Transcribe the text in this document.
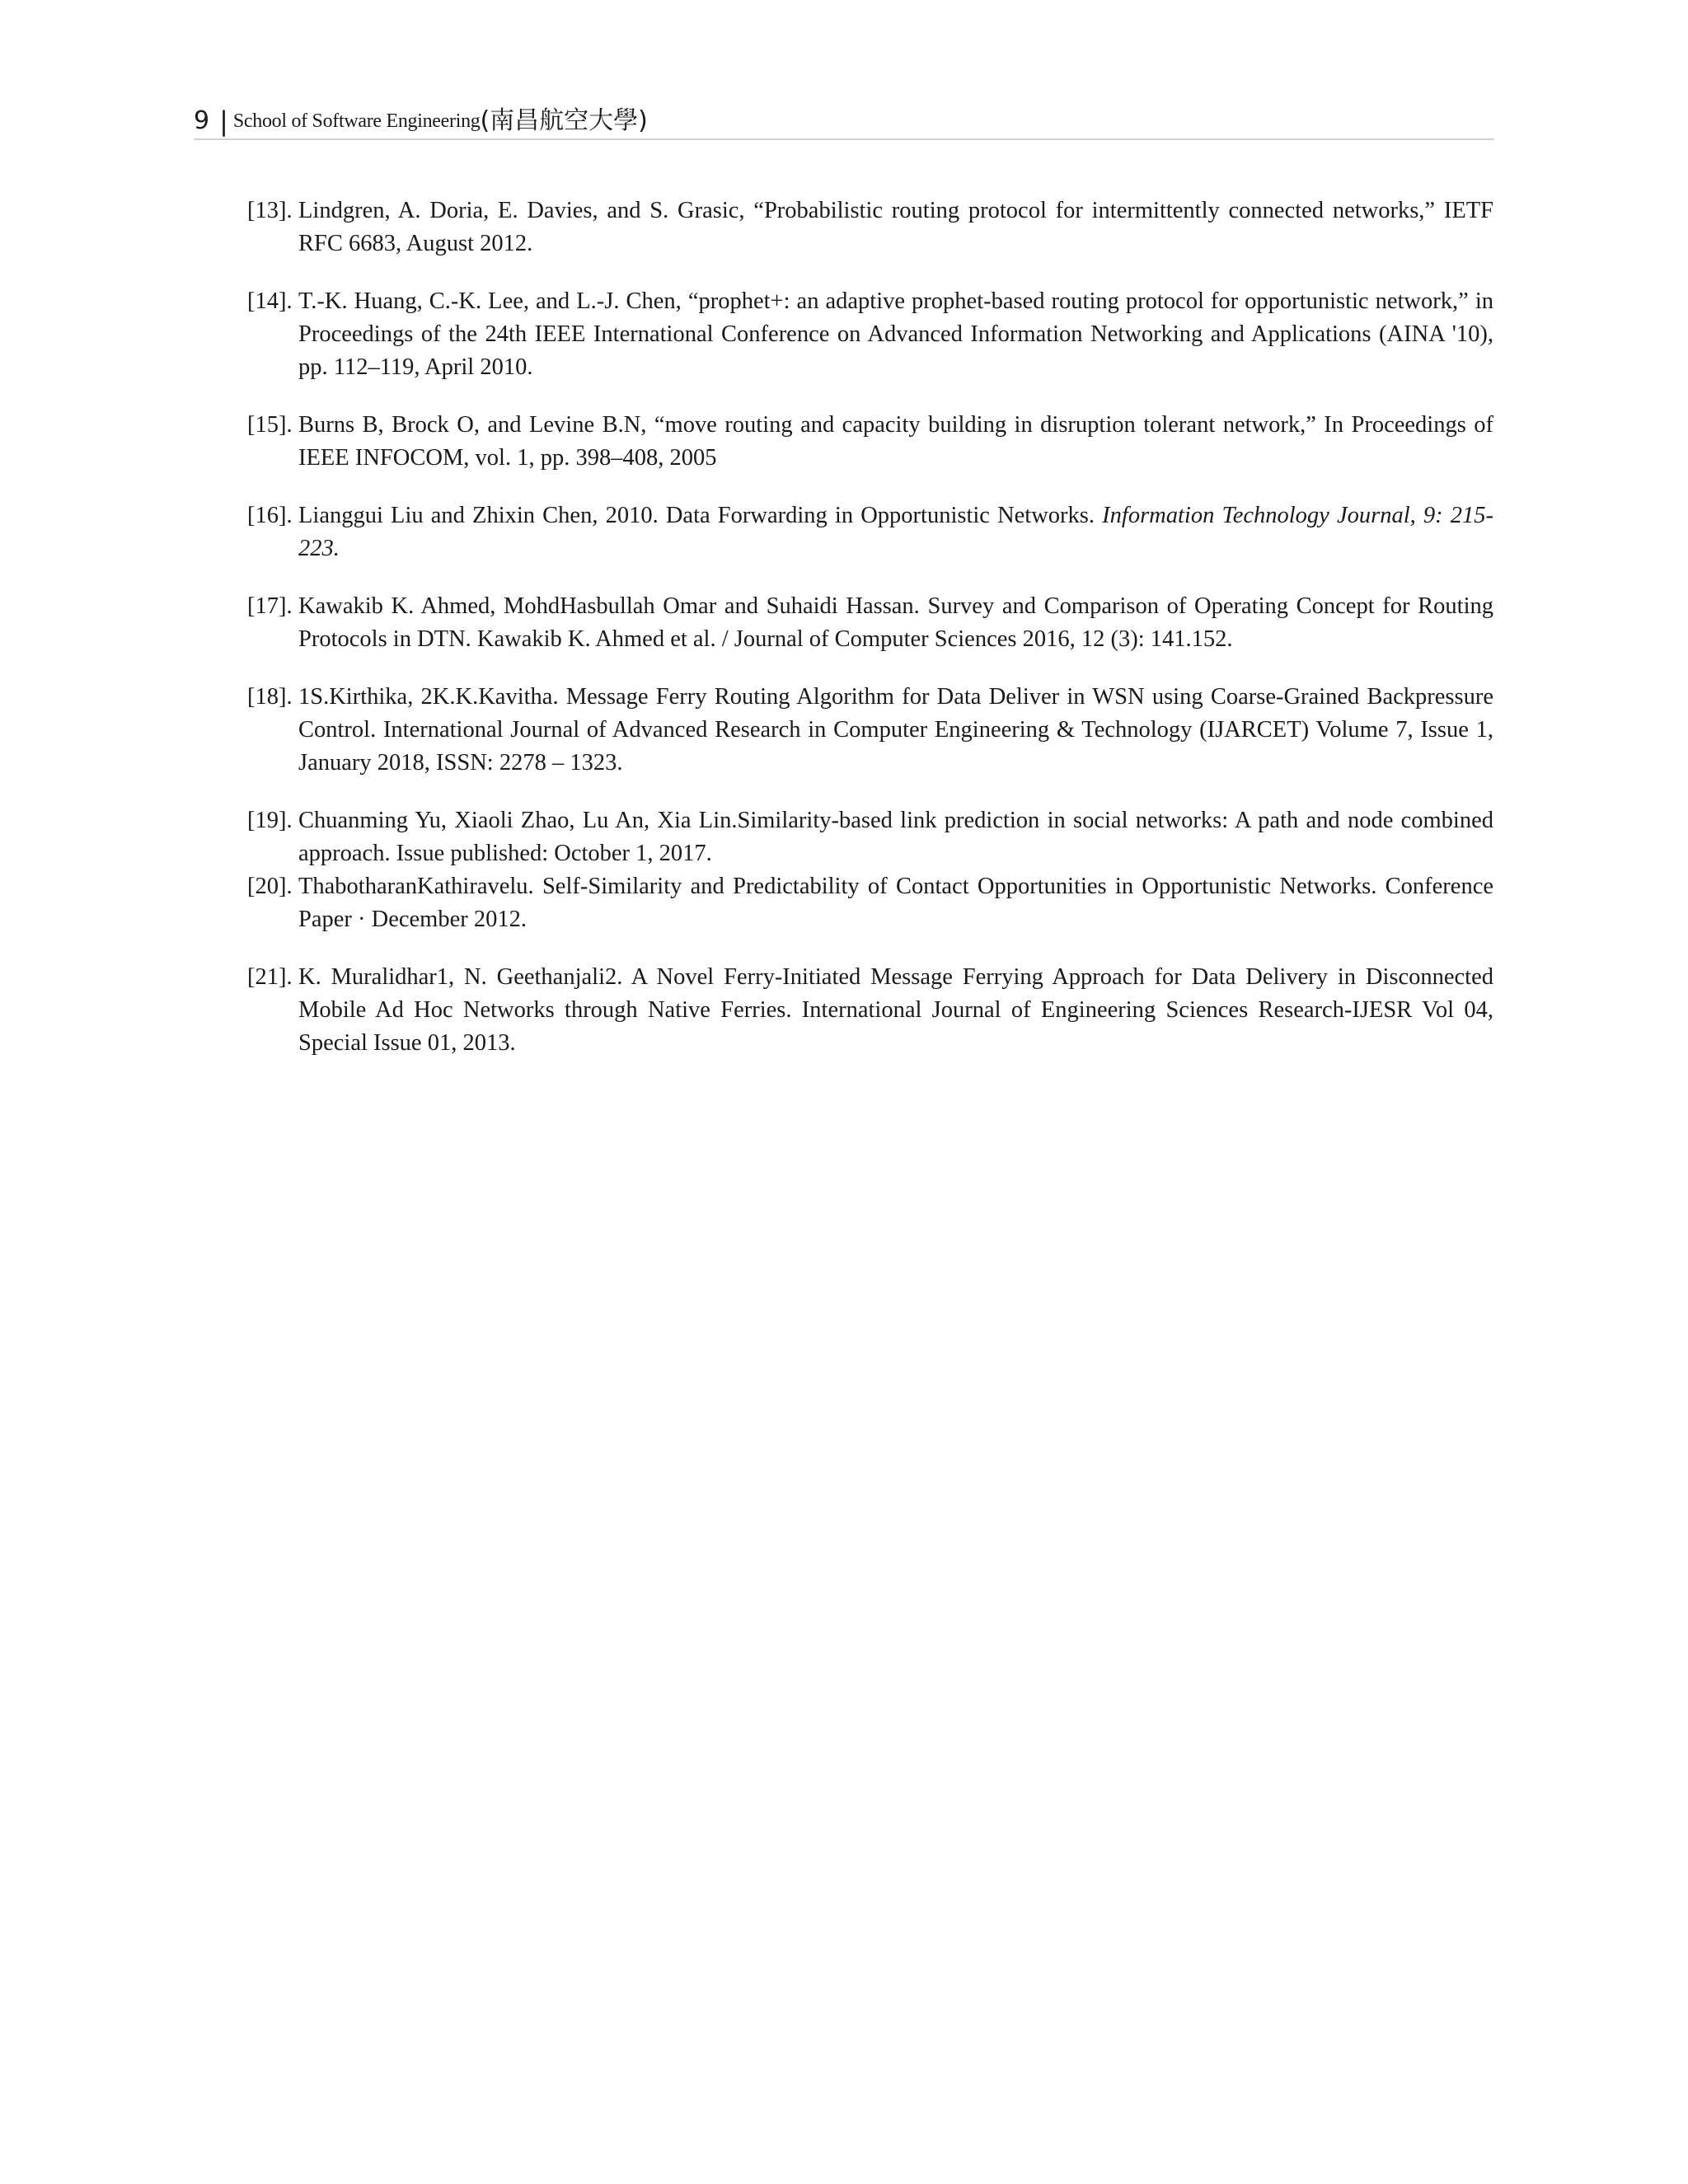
9 | School of Software Engineering (南昌航空大學)
[13]. Lindgren, A. Doria, E. Davies, and S. Grasic, “Probabilistic routing protocol for intermittently connected networks,” IETF RFC 6683, August 2012.
[14]. T.-K. Huang, C.-K. Lee, and L.-J. Chen, “prophet+: an adaptive prophet-based routing protocol for opportunistic network,” in Proceedings of the 24th IEEE International Conference on Advanced Information Networking and Applications (AINA '10), pp. 112–119, April 2010.
[15]. Burns B, Brock O, and Levine B.N, “move routing and capacity building in disruption tolerant network,” In Proceedings of IEEE INFOCOM, vol. 1, pp. 398–408, 2005
[16]. Lianggui Liu and Zhixin Chen, 2010. Data Forwarding in Opportunistic Networks. Information Technology Journal, 9: 215-223.
[17]. Kawakib K. Ahmed, MohdHasbullah Omar and Suhaidi Hassan. Survey and Comparison of Operating Concept for Routing Protocols in DTN. Kawakib K. Ahmed et al. / Journal of Computer Sciences 2016, 12 (3): 141.152.
[18]. 1S.Kirthika, 2K.K.Kavitha. Message Ferry Routing Algorithm for Data Deliver in WSN using Coarse-Grained Backpressure Control. International Journal of Advanced Research in Computer Engineering & Technology (IJARCET) Volume 7, Issue 1, January 2018, ISSN: 2278 – 1323.
[19]. Chuanming Yu, Xiaoli Zhao, Lu An, Xia Lin.Similarity-based link prediction in social networks: A path and node combined approach. Issue published: October 1, 2017.
[20]. ThabotharanKathiravelu. Self-Similarity and Predictability of Contact Opportunities in Opportunistic Networks. Conference Paper · December 2012.
[21]. K. Muralidhar1, N. Geethanjali2. A Novel Ferry-Initiated Message Ferrying Approach for Data Delivery in Disconnected Mobile Ad Hoc Networks through Native Ferries. International Journal of Engineering Sciences Research-IJESR Vol 04, Special Issue 01, 2013.
